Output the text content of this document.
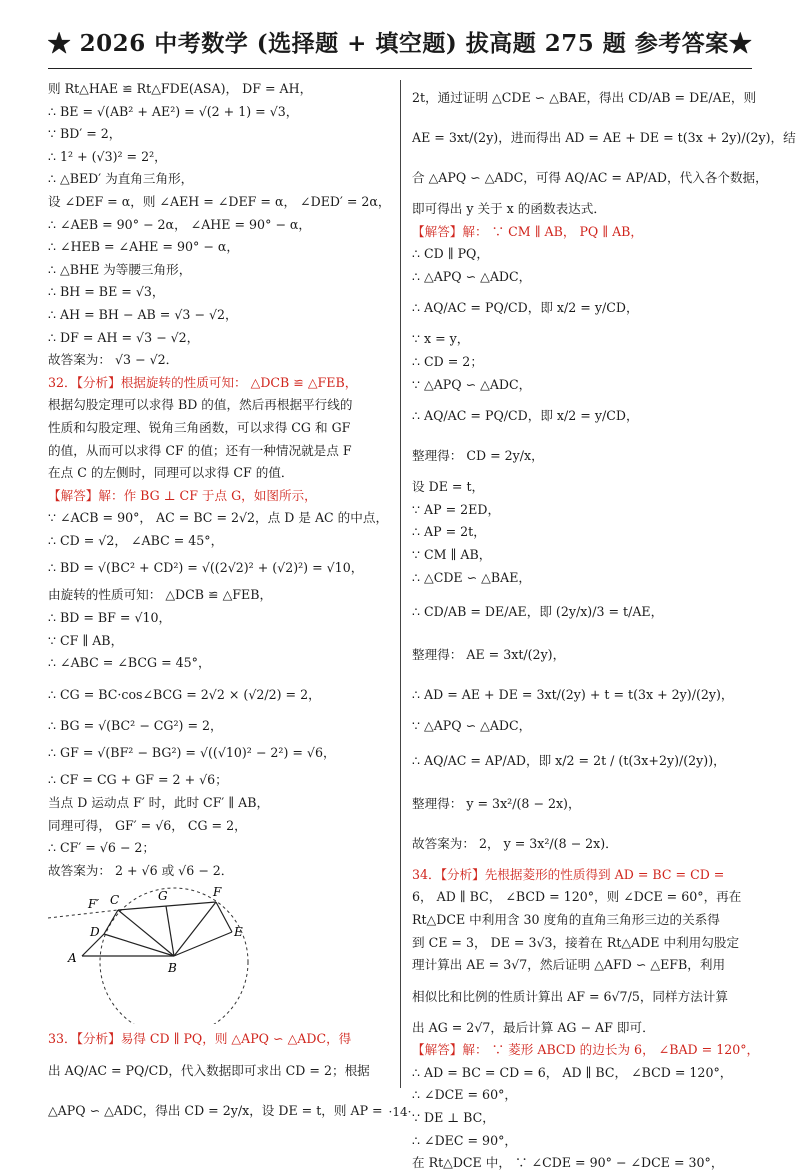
★ 2026 中考数学 (选择题 + 填空题) 拔高题 275 题 参考答案★
则 Rt△HAE ≌ Rt△FDE(ASA)， DF = AH，
∴ BE = √(AB² + AE²) = √(2 + 1) = √3，
∵ BD′ = 2，
∴ 1² + (√3)² = 2²，
∴ △BED′ 为直角三角形，
设 ∠DEF = α，则 ∠AEH = ∠DEF = α， ∠DED′ = 2α，
∴ ∠AEB = 90° − 2α， ∠AHE = 90° − α，
∴ ∠HEB = ∠AHE = 90° − α，
∴ △BHE 为等腰三角形，
∴ BH = BE = √3，
∴ AH = BH − AB = √3 − √2，
∴ DF = AH = √3 − √2，
故答案为： √3 − √2．
32．【分析】根据旋转的性质可知： △DCB ≌ △FEB，
根据勾股定理可以求得 BD 的值，然后再根据平行线的
性质和勾股定理、锐角三角函数，可以求得 CG 和 GF
的值，从而可以求得 CF 的值；还有一种情况就是点 F
在点 C 的左侧时，同理可以求得 CF 的值．
【解答】解：作 BG ⊥ CF 于点 G，如图所示，
∵ ∠ACB = 90°， AC = BC = 2√2，点 D 是 AC 的中点，
∴ CD = √2， ∠ABC = 45°，
∴ BD = √(BC² + CD²) = √((2√2)² + (√2)²) = √10，
由旋转的性质可知： △DCB ≌ △FEB，
∴ BD = BF = √10，
∵ CF ∥ AB，
∴ ∠ABC = ∠BCG = 45°，
∴ CG = BC·cos∠BCG = 2√2 × (√2/2) = 2，
∴ BG = √(BC² − CG²) = 2，
∴ GF = √(BF² − BG²) = √((√10)² − 2²) = √6，
∴ CF = CG + GF = 2 + √6；
当点 D 运动点 F′ 时，此时 CF′ ∥ AB，
同理可得， GF′ = √6， CG = 2，
∴ CF′ = √6 − 2；
故答案为： 2 + √6 或 √6 − 2．
F′ C	G	F
D	E
A
B
33．【分析】易得 CD ∥ PQ，则 △APQ ∽ △ADC，得
出 AQ/AC = PQ/CD，代入数据即可求出 CD = 2；根据
△APQ ∽ △ADC，得出 CD = 2y/x，设 DE = t，则 AP =
2t，通过证明 △CDE ∽ △BAE，得出 CD/AB = DE/AE，则
AE = 3xt/(2y)，进而得出 AD = AE + DE = t(3x + 2y)/(2y)，结
合 △APQ ∽ △ADC，可得 AQ/AC = AP/AD，代入各个数据，
即可得出 y 关于 x 的函数表达式．
【解答】解： ∵ CM ∥ AB， PQ ∥ AB，
∴ CD ∥ PQ，
∴ △APQ ∽ △ADC，
∴ AQ/AC = PQ/CD，即 x/2 = y/CD，
∵ x = y，
∴ CD = 2；
∵ △APQ ∽ △ADC，
∴ AQ/AC = PQ/CD，即 x/2 = y/CD，
整理得： CD = 2y/x，
设 DE = t，
∵ AP = 2ED，
∴ AP = 2t，
∵ CM ∥ AB，
∴ △CDE ∽ △BAE，
∴ CD/AB = DE/AE，即 (2y/x)/3 = t/AE，
整理得： AE = 3xt/(2y)，
∴ AD = AE + DE = 3xt/(2y) + t = t(3x + 2y)/(2y)，
∵ △APQ ∽ △ADC，
∴ AQ/AC = AP/AD，即 x/2 = 2t / (t(3x+2y)/(2y))，
整理得： y = 3x²/(8 − 2x)，
故答案为： 2， y = 3x²/(8 − 2x)．
34．【分析】先根据菱形的性质得到 AD = BC = CD =
6， AD ∥ BC， ∠BCD = 120°，则 ∠DCE = 60°，再在
Rt△DCE 中利用含 30 度角的直角三角形三边的关系得
到 CE = 3， DE = 3√3，接着在 Rt△ADE 中利用勾股定
理计算出 AE = 3√7，然后证明 △AFD ∽ △EFB，利用
相似比和比例的性质计算出 AF = 6√7/5，同样方法计算
出 AG = 2√7，最后计算 AG − AF 即可．
【解答】解： ∵ 菱形 ABCD 的边长为 6， ∠BAD = 120°，
∴ AD = BC = CD = 6， AD ∥ BC， ∠BCD = 120°，
∴ ∠DCE = 60°，
∵ DE ⊥ BC，
∴ ∠DEC = 90°，
在 Rt△DCE 中， ∵ ∠CDE = 90° − ∠DCE = 30°，
·14·
